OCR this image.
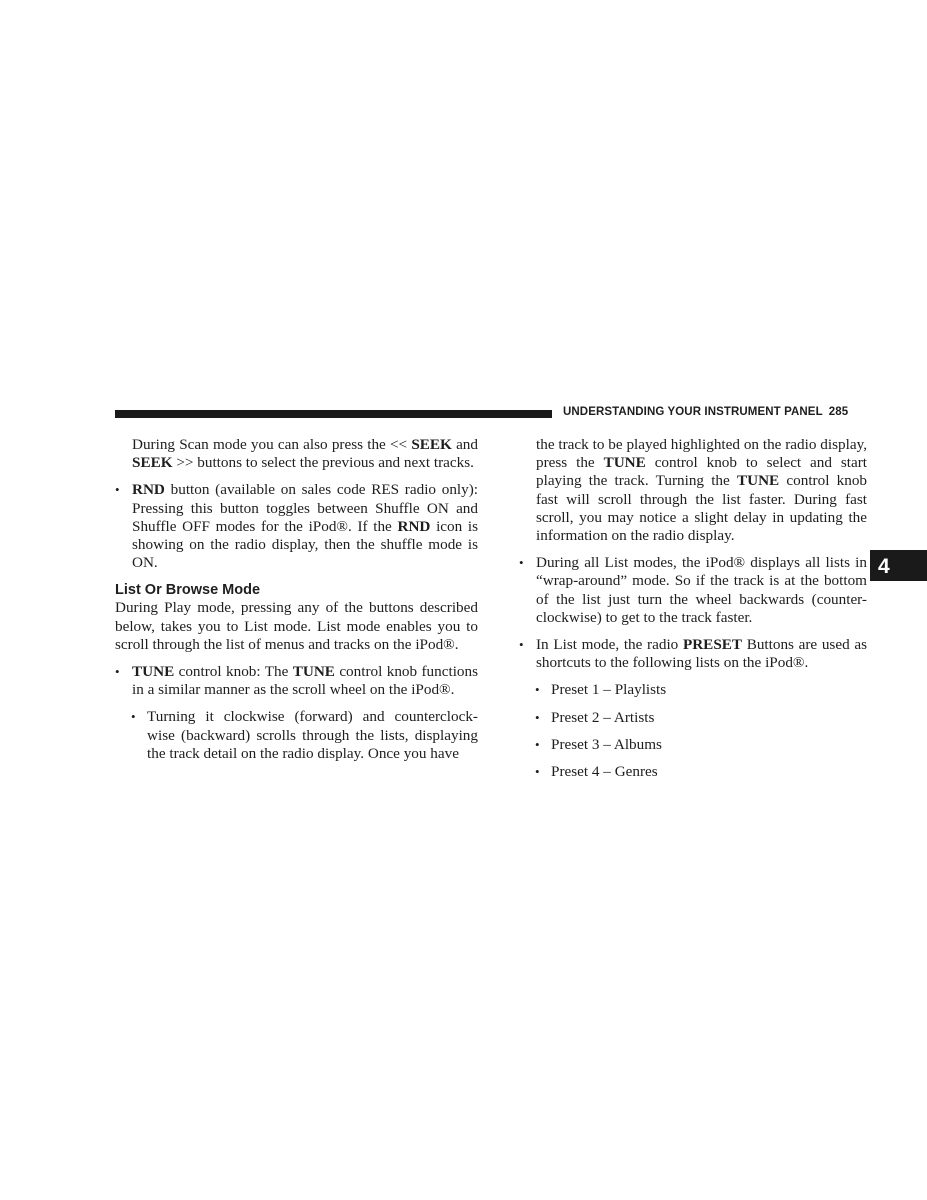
UNDERSTANDING YOUR INSTRUMENT PANEL 285
4

During Scan mode you can also press the << SEEK and SEEK >> buttons to select the previous and next tracks.

• RND button (available on sales code RES radio only): Pressing this button toggles between Shuffle ON and Shuffle OFF modes for the iPod®. If the RND icon is showing on the radio display, then the shuffle mode is ON.

List Or Browse Mode

During Play mode, pressing any of the buttons described below, takes you to List mode. List mode enables you to scroll through the list of menus and tracks on the iPod®.

• TUNE control knob: The TUNE control knob functions in a similar manner as the scroll wheel on the iPod®.

• Turning it clockwise (forward) and counterclock- wise (backward) scrolls through the lists, displaying the track detail on the radio display. Once you have

the track to be played highlighted on the radio display, press the TUNE control knob to select and start playing the track. Turning the TUNE control knob fast will scroll through the list faster. During fast scroll, you may notice a slight delay in updating the information on the radio display.

• During all List modes, the iPod® displays all lists in “wrap-around” mode. So if the track is at the bottom of the list just turn the wheel backwards (counter-clockwise) to get to the track faster.

• In List mode, the radio PRESET Buttons are used as shortcuts to the following lists on the iPod®.

• Preset 1 – Playlists

• Preset 2 – Artists

• Preset 3 – Albums

• Preset 4 – Genres
